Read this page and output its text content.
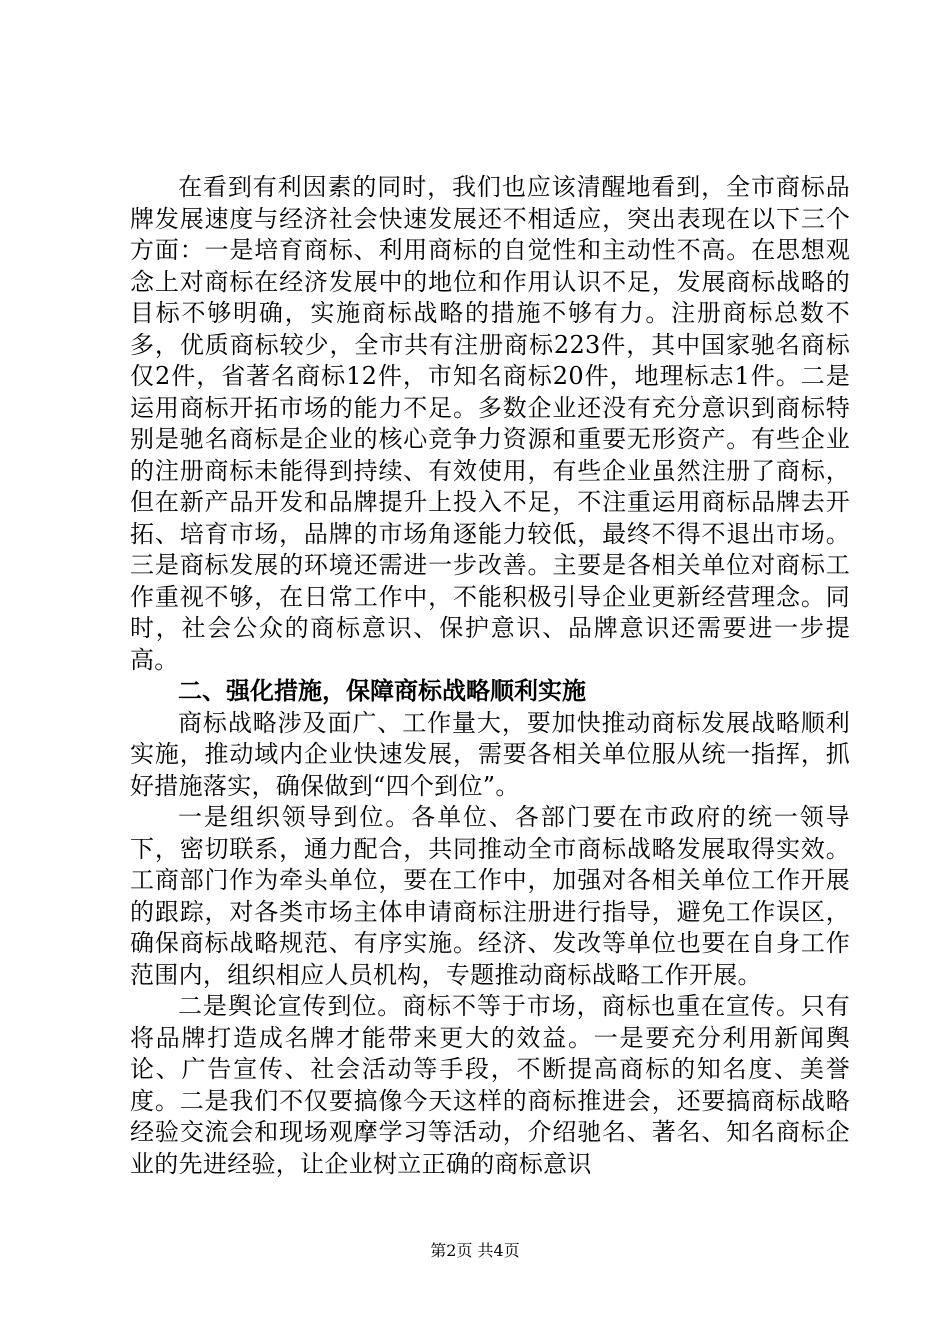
在看到有利因素的同时，我们也应该清醒地看到，全市商标品牌发展速度与经济社会快速发展还不相适应，突出表现在以下三个方面：一是培育商标、利用商标的自觉性和主动性不高。在思想观念上对商标在经济发展中的地位和作用认识不足，发展商标战略的目标不够明确，实施商标战略的措施不够有力。注册商标总数不多，优质商标较少，全市共有注册商标223件，其中国家驰名商标仅2件，省著名商标12件，市知名商标20件，地理标志1件。二是运用商标开拓市场的能力不足。多数企业还没有充分意识到商标特别是驰名商标是企业的核心竞争力资源和重要无形资产。有些企业的注册商标未能得到持续、有效使用，有些企业虽然注册了商标，但在新产品开发和品牌提升上投入不足，不注重运用商标品牌去开拓、培育市场，品牌的市场角逐能力较低，最终不得不退出市场。三是商标发展的环境还需进一步改善。主要是各相关单位对商标工作重视不够，在日常工作中，不能积极引导企业更新经营理念。同时，社会公众的商标意识、保护意识、品牌意识还需要进一步提高。

二、强化措施，保障商标战略顺利实施

商标战略涉及面广、工作量大，要加快推动商标发展战略顺利实施，推动域内企业快速发展，需要各相关单位服从统一指挥，抓好措施落实，确保做到“四个到位”。

一是组织领导到位。各单位、各部门要在市政府的统一领导下，密切联系，通力配合，共同推动全市商标战略发展取得实效。工商部门作为牵头单位，要在工作中，加强对各相关单位工作开展的跟踪，对各类市场主体申请商标注册进行指导，避免工作误区，确保商标战略规范、有序实施。经济、发改等单位也要在自身工作范围内，组织相应人员机构，专题推动商标战略工作开展。

二是舆论宣传到位。商标不等于市场，商标也重在宣传。只有将品牌打造成名牌才能带来更大的效益。一是要充分利用新闻舆论、广告宣传、社会活动等手段，不断提高商标的知名度、美誉度。二是我们不仅要搞像今天这样的商标推进会，还要搞商标战略经验交流会和现场观摩学习等活动，介绍驰名、著名、知名商标企业的先进经验，让企业树立正确的商标意识

第2页 共4页
